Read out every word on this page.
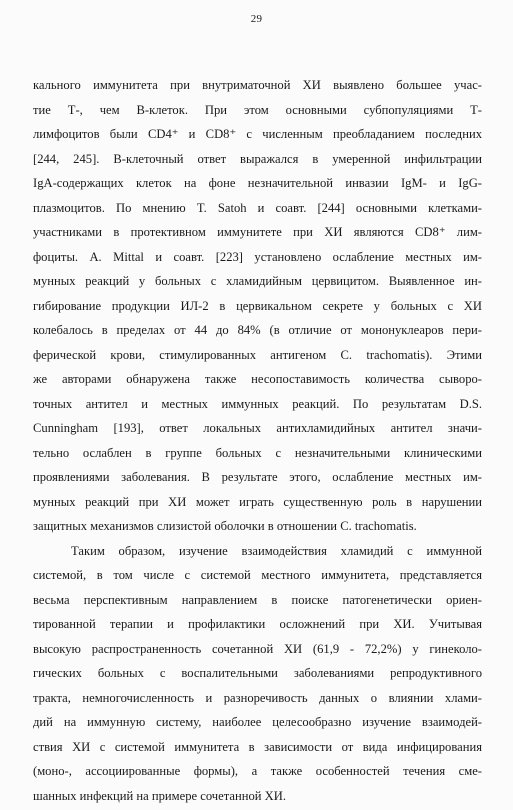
29
кального иммунитета при внутриматочной ХИ выявлено большее учас-
тие Т-, чем В-клеток. При этом основными субпопуляциями Т-
лимфоцитов были CD4⁺ и CD8⁺ с численным преобладанием последних
[244, 245]. В-клеточный ответ выражался в умеренной инфильтрации
IgA-содержащих клеток на фоне незначительной инвазии IgM- и IgG-
плазмоцитов. По мнению T. Satoh и соавт. [244] основными клетками-
участниками в протективном иммунитете при ХИ являются CD8⁺ лим-
фоциты. A. Mittal и соавт. [223] установлено ослабление местных им-
мунных реакций у больных с хламидийным цервицитом. Выявленное ин-
гибирование продукции ИЛ-2 в цервикальном секрете у больных с ХИ
колебалось в пределах от 44 до 84% (в отличие от мононуклеаров пери-
ферической крови, стимулированных антигеном C. trachomatis). Этими
же авторами обнаружена также несопоставимость количества сыворо-
точных антител и местных иммунных реакций. По результатам D.S.
Cunningham [193], ответ локальных антихламидийных антител значи-
тельно ослаблен в группе больных с незначительными клиническими
проявлениями заболевания. В результате этого, ослабление местных им-
мунных реакций при ХИ может играть существенную роль в нарушении
защитных механизмов слизистой оболочки в отношении C. trachomatis.
Таким образом, изучение взаимодействия хламидий с иммунной
системой, в том числе с системой местного иммунитета, представляется
весьма перспективным направлением в поиске патогенетически ориен-
тированной терапии и профилактики осложнений при ХИ. Учитывая
высокую распространенность сочетанной ХИ (61,9 - 72,2%) у гинеколо-
гических больных с воспалительными заболеваниями репродуктивного
тракта, немногочисленность и разноречивость данных о влиянии хлами-
дий на иммунную систему, наиболее целесообразно изучение взаимодей-
ствия ХИ с системой иммунитета в зависимости от вида инфицирования
(моно-, ассоциированные формы), а также особенностей течения сме-
шанных инфекций на примере сочетанной ХИ.
